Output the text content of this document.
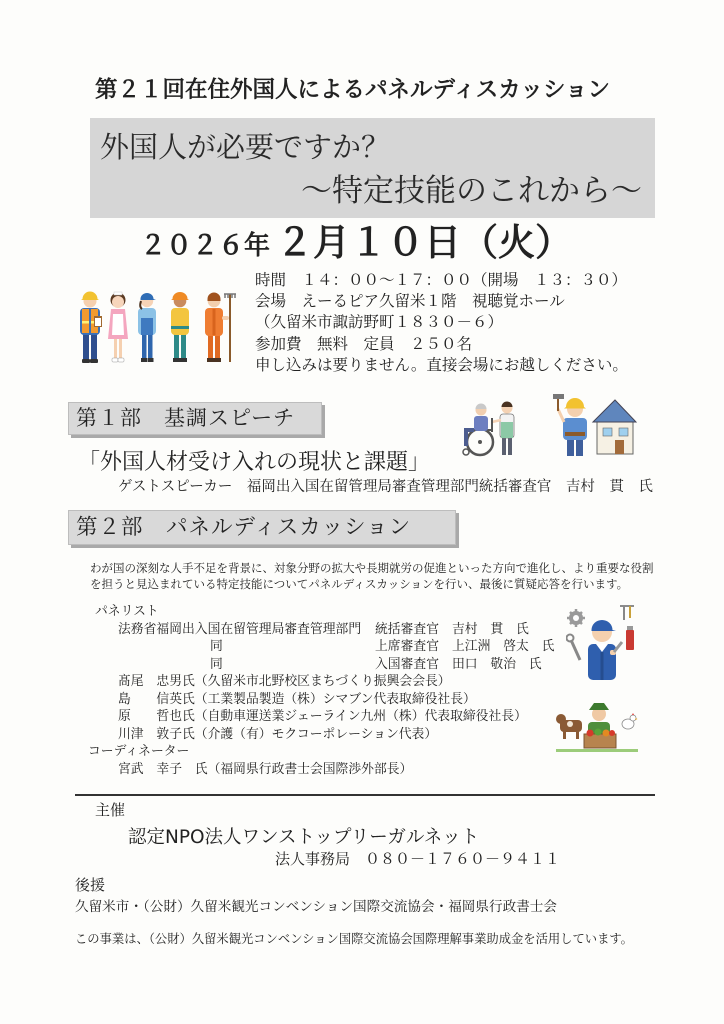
第２１回在住外国人によるパネルディスカッション
外国人が必要ですか？
～特定技能のこれから～
２０２６年 ２月１０日（火）
時間　１４：００～１７：００（開場　１３：３０）
会場　えーるピア久留米１階　視聴覚ホール
（久留米市諏訪野町１８３０－６）
参加費　無料　定員　２５０名
申し込みは要りません。直接会場にお越しください。
第１部　基調スピーチ
「外国人材受け入れの現状と課題」
ゲストスピーカー　福岡出入国在留管理局審査管理部門統括審査官　吉村　貫　氏
第２部　パネルディスカッション
わが国の深刻な人手不足を背景に、対象分野の拡大や長期就労の促進といった方向で進化し、より重要な役割
を担うと見込まれている特定技能についてパネルディスカッションを行い、最後に質疑応答を行います。
パネリスト
法務省福岡出入国在留管理局審査管理部門 統括審査官 吉村　貫　氏
同	上席審査官 上江洲　啓太　氏
同	入国審査官 田口　敬治　氏
髙尾　忠男氏（久留米市北野校区まちづくり振興会会長）
島　　信英氏（工業製品製造（株）シマブン代表取締役社長）
原　　哲也氏（自動車運送業ジェーライン九州（株）代表取締役社長）
川津　敦子氏（介護（有）モクコーポレーション代表）
コーディネーター
宮武　幸子　氏（福岡県行政書士会国際渉外部長）
主催
認定NPO法人ワンストップリーガルネット
法人事務局　０８０－１７６０－９４１１
後援
久留米市・（公財）久留米観光コンベンション国際交流協会・福岡県行政書士会
この事業は、（公財）久留米観光コンベンション国際交流協会国際理解事業助成金を活用しています。
